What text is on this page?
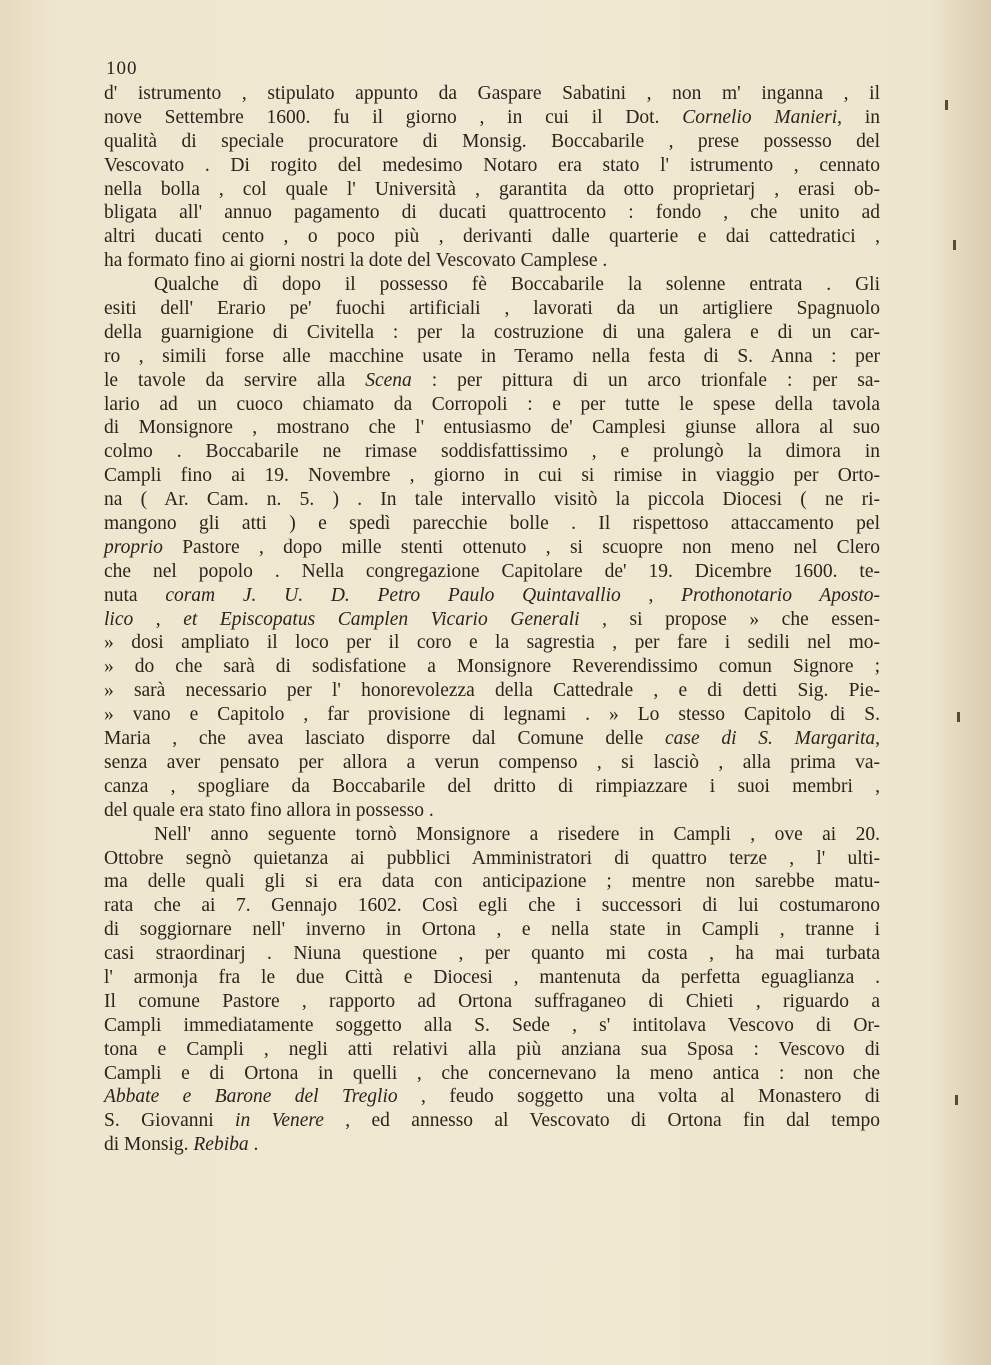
100
d' istrumento , stipulato appunto da Gaspare Sabatini , non m' inganna , il
nove Settembre 1600. fu il giorno , in cui il Dot. Cornelio Manieri, in
qualità di speciale procuratore di Monsig. Boccabarile , prese possesso del
Vescovato . Di rogito del medesimo Notaro era stato l' istrumento , cennato
nella bolla , col quale l' Università , garantita da otto proprietarj , erasi ob-
bligata all' annuo pagamento di ducati quattrocento : fondo , che unito ad
altri ducati cento , o poco più , derivanti dalle quarterie e dai cattedratici ,
ha formato fino ai giorni nostri la dote del Vescovato Camplese .
Qualche dì dopo il possesso fè Boccabarile la solenne entrata . Gli
esiti dell' Erario pe' fuochi artificiali , lavorati da un artigliere Spagnuolo
della guarnigione di Civitella : per la costruzione di una galera e di un car-
ro , simili forse alle macchine usate in Teramo nella festa di S. Anna : per
le tavole da servire alla Scena : per pittura di un arco trionfale : per sa-
lario ad un cuoco chiamato da Corropoli : e per tutte le spese della tavola
di Monsignore , mostrano che l' entusiasmo de' Camplesi giunse allora al suo
colmo . Boccabarile ne rimase soddisfattissimo , e prolungò la dimora in
Campli fino ai 19. Novembre , giorno in cui si rimise in viaggio per Orto-
na ( Ar. Cam. n. 5. ) . In tale intervallo visitò la piccola Diocesi ( ne ri-
mangono gli atti ) e spedì parecchie bolle . Il rispettoso attaccamento pel
proprio Pastore , dopo mille stenti ottenuto , si scuopre non meno nel Clero
che nel popolo . Nella congregazione Capitolare de' 19. Dicembre 1600. te-
nuta coram J. U. D. Petro Paulo Quintavallio , Prothonotario Aposto-
lico , et Episcopatus Camplen Vicario Generali , si propose » che essen-
» dosi ampliato il loco per il coro e la sagrestia , per fare i sedili nel mo-
» do che sarà di sodisfatione a Monsignore Reverendissimo comun Signore ;
» sarà necessario per l' honorevolezza della Cattedrale , e di detti Sig. Pie-
» vano e Capitolo , far provisione di legnami . » Lo stesso Capitolo di S.
Maria , che avea lasciato disporre dal Comune delle case di S. Margarita,
senza aver pensato per allora a verun compenso , si lasciò , alla prima va-
canza , spogliare da Boccabarile del dritto di rimpiazzare i suoi membri ,
del quale era stato fino allora in possesso .
Nell' anno seguente tornò Monsignore a risedere in Campli , ove ai 20.
Ottobre segnò quietanza ai pubblici Amministratori di quattro terze , l' ulti-
ma delle quali gli si era data con anticipazione ; mentre non sarebbe matu-
rata che ai 7. Gennajo 1602. Così egli che i successori di lui costumarono
di soggiornare nell' inverno in Ortona , e nella state in Campli , tranne i
casi straordinarj . Niuna questione , per quanto mi costa , ha mai turbata
l' armonja fra le due Città e Diocesi , mantenuta da perfetta eguaglianza .
Il comune Pastore , rapporto ad Ortona suffraganeo di Chieti , riguardo a
Campli immediatamente soggetto alla S. Sede , s' intitolava Vescovo di Or-
tona e Campli , negli atti relativi alla più anziana sua Sposa : Vescovo di
Campli e di Ortona in quelli , che concernevano la meno antica : non che
Abbate e Barone del Treglio , feudo soggetto una volta al Monastero di
S. Giovanni in Venere , ed annesso al Vescovato di Ortona fin dal tempo
di Monsig. Rebiba .
